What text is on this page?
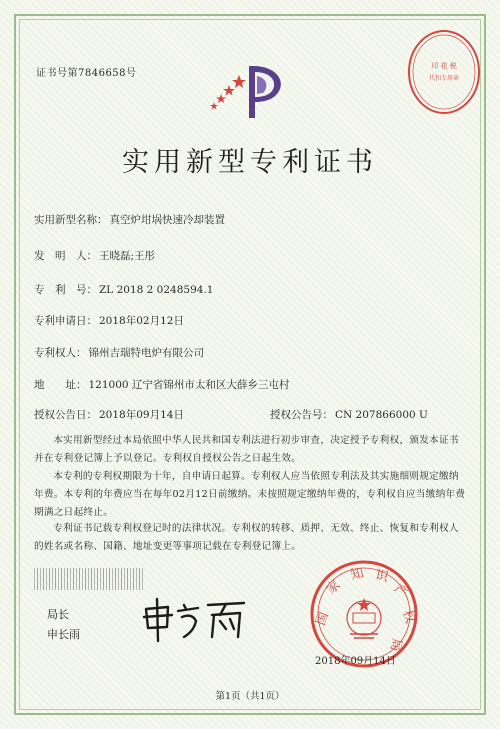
证书号第7846658号
印 花 税
代扣专用章
实用新型专利证书
实用新型名称： 真空炉坩埚快速冷却装置
发　明　人： 王晓磊;王彤
专　利　号： ZL 2018 2 0248594.1
专利申请日： 2018年02月12日
专利权人： 锦州吉瑞特电炉有限公司
地　　址： 121000 辽宁省锦州市太和区大薛乡三屯村
授权公告日： 2018年09月14日	授权公告号： CN 207866000 U
本实用新型经过本局依照中华人民共和国专利法进行初步审查，决定授予专利权，颁发本证书并在专利登记簿上予以登记。专利权自授权公告之日起生效。
本专利的专利权期限为十年，自申请日起算。专利权人应当依照专利法及其实施细则规定缴纳年费。本专利的年费应当在每年02月12日前缴纳。未按照规定缴纳年费的，专利权自应当缴纳年费期满之日起终止。
专利证书记载专利权登记时的法律状况。专利权的转移、质押、无效、终止、恢复和专利权人的姓名或名称、国籍、地址变更等事项记载在专利登记簿上。
局长
申长雨
国
家
知 识
产
权
局
2018年09月14日
第1页（共1页）
